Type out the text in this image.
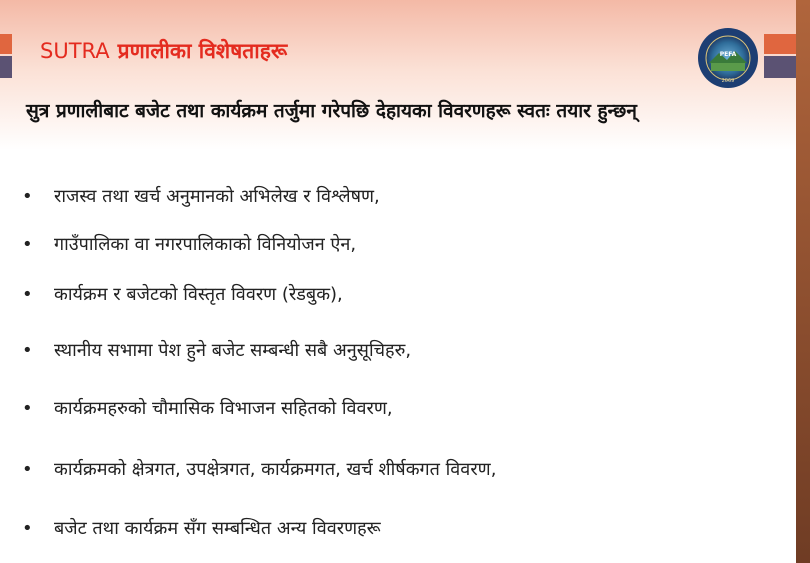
SUTRA प्रणालीका विशेषताहरू	PEFA
2069
सुत्र प्रणालीबाट बजेट तथा कार्यक्रम तर्जुमा गरेपछि देहायका विवरणहरू स्वतः तयार हुन्छन्
• राजस्व तथा खर्च अनुमानको अभिलेख र विश्लेषण,
• गाउँपालिका वा नगरपालिकाको विनियोजन ऐन,
• कार्यक्रम र बजेटको विस्तृत विवरण (रेडबुक),
• स्थानीय सभामा पेश हुने बजेट सम्बन्धी सबै अनुसूचिहरु,
• कार्यक्रमहरुको चौमासिक विभाजन सहितको विवरण,
• कार्यक्रमको क्षेत्रगत, उपक्षेत्रगत, कार्यक्रमगत, खर्च शीर्षकगत विवरण,
• बजेट तथा कार्यक्रम सँग सम्बन्धित अन्य विवरणहरू
